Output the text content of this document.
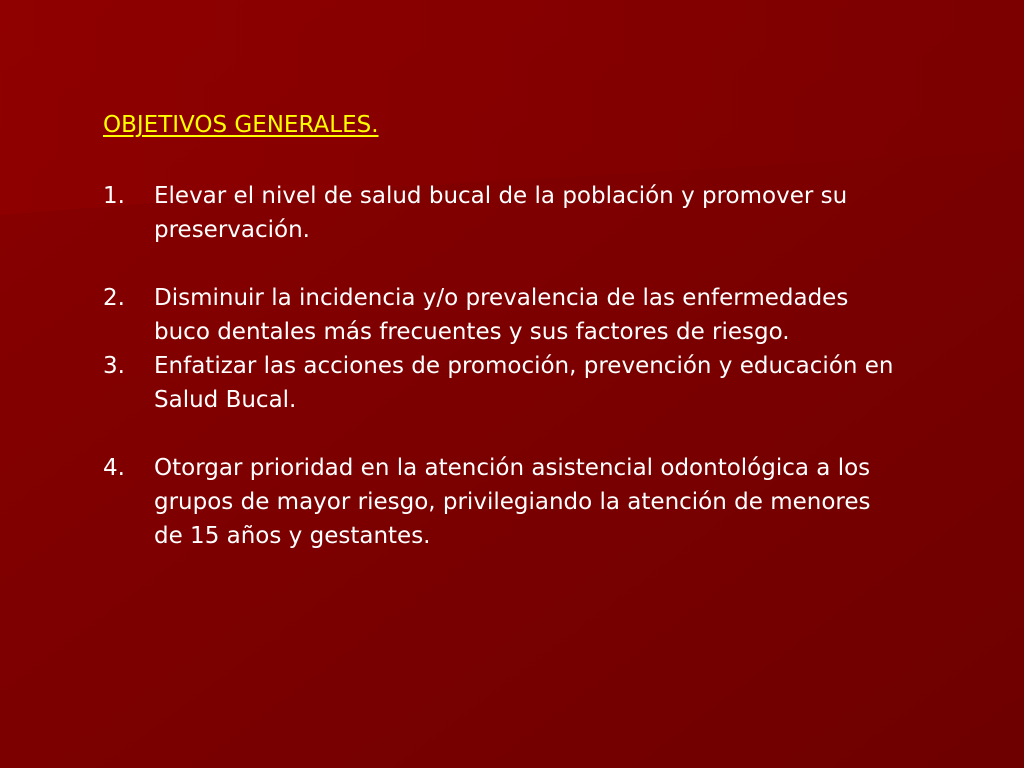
OBJETIVOS GENERALES.
1. Elevar el nivel de salud bucal de la población y promover su preservación.
2. Disminuir la incidencia y/o prevalencia de las enfermedades buco dentales más frecuentes y sus factores de riesgo.
3. Enfatizar las acciones de promoción, prevención y educación en Salud Bucal.
4. Otorgar prioridad en la atención asistencial odontológica a los grupos de mayor riesgo, privilegiando la atención de menores de 15 años y gestantes.
